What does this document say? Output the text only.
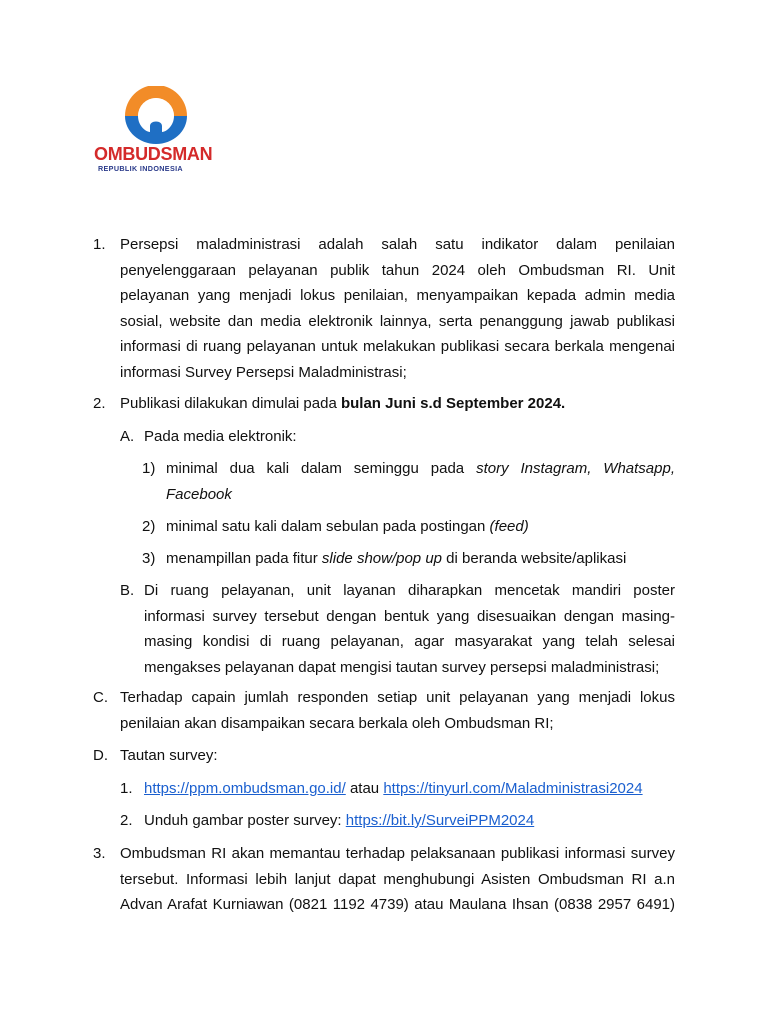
OMBUDSMAN
REPUBLIK INDONESIA
1. Persepsi maladministrasi adalah salah satu indikator dalam penilaian penyelenggaraan pelayanan publik tahun 2024 oleh Ombudsman RI. Unit pelayanan yang menjadi lokus penilaian, menyampaikan kepada admin media sosial, website dan media elektronik lainnya, serta penanggung jawab publikasi informasi di ruang pelayanan untuk melakukan publikasi secara berkala mengenai informasi Survey Persepsi Maladministrasi;
2. Publikasi dilakukan dimulai pada bulan Juni s.d September 2024.
A. Pada media elektronik:
1) minimal dua kali dalam seminggu pada story Instagram, Whatsapp, Facebook
2) minimal satu kali dalam sebulan pada postingan (feed)
3) menampillan pada fitur slide show/pop up di beranda website/aplikasi
B. Di ruang pelayanan, unit layanan diharapkan mencetak mandiri poster informasi survey tersebut dengan bentuk yang disesuaikan dengan masing-masing kondisi di ruang pelayanan, agar masyarakat yang telah selesai mengakses pelayanan dapat mengisi tautan survey persepsi maladministrasi;
C. Terhadap capain jumlah responden setiap unit pelayanan yang menjadi lokus penilaian akan disampaikan secara berkala oleh Ombudsman RI;
D. Tautan survey:
1. https://ppm.ombudsman.go.id/ atau https://tinyurl.com/Maladministrasi2024
2. Unduh gambar poster survey: https://bit.ly/SurveiPPM2024
3. Ombudsman RI akan memantau terhadap pelaksanaan publikasi informasi survey tersebut. Informasi lebih lanjut dapat menghubungi Asisten Ombudsman RI a.n Advan Arafat Kurniawan (0821 1192 4739) atau Maulana Ihsan (0838 2957 6491)
